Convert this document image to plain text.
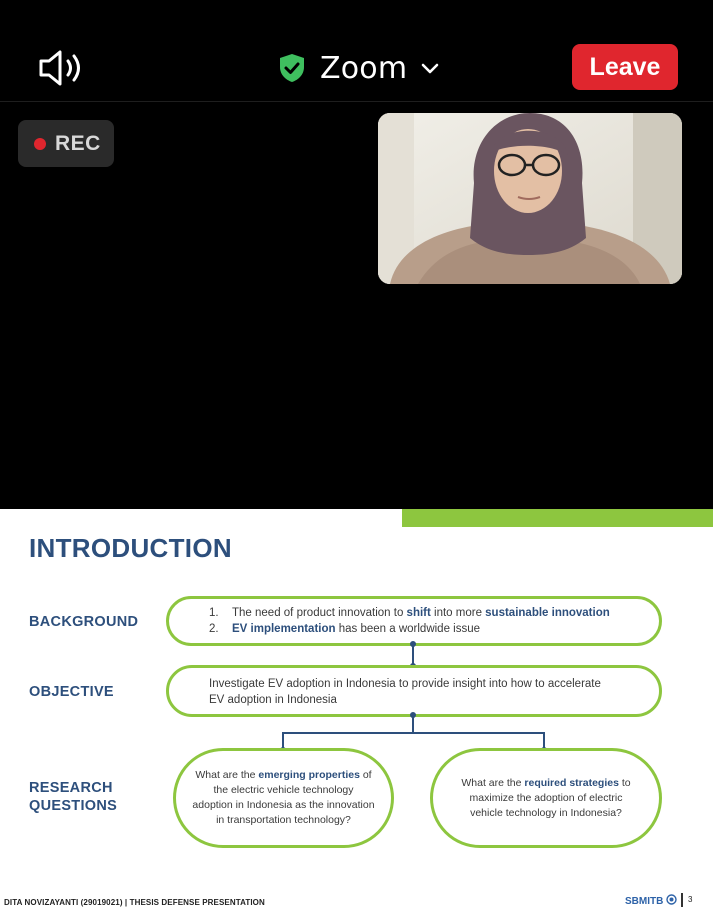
Zoom	Leave
REC
INTRODUCTION
BACKGROUND
1. The need of product innovation to shift into more sustainable innovation
2. EV implementation has been a worldwide issue
OBJECTIVE	Investigate EV adoption in Indonesia to provide insight into how to accelerate
EV adoption in Indonesia
RESEARCH
QUESTIONS
What are the emerging properties of
the electric vehicle technology
adoption in Indonesia as the innovation
in transportation technology?
What are the required strategies to
maximize the adoption of electric
vehicle technology in Indonesia?
DITA NOVIZAYANTI (29019021) | THESIS DEFENSE PRESENTATION	SBMITB	3
